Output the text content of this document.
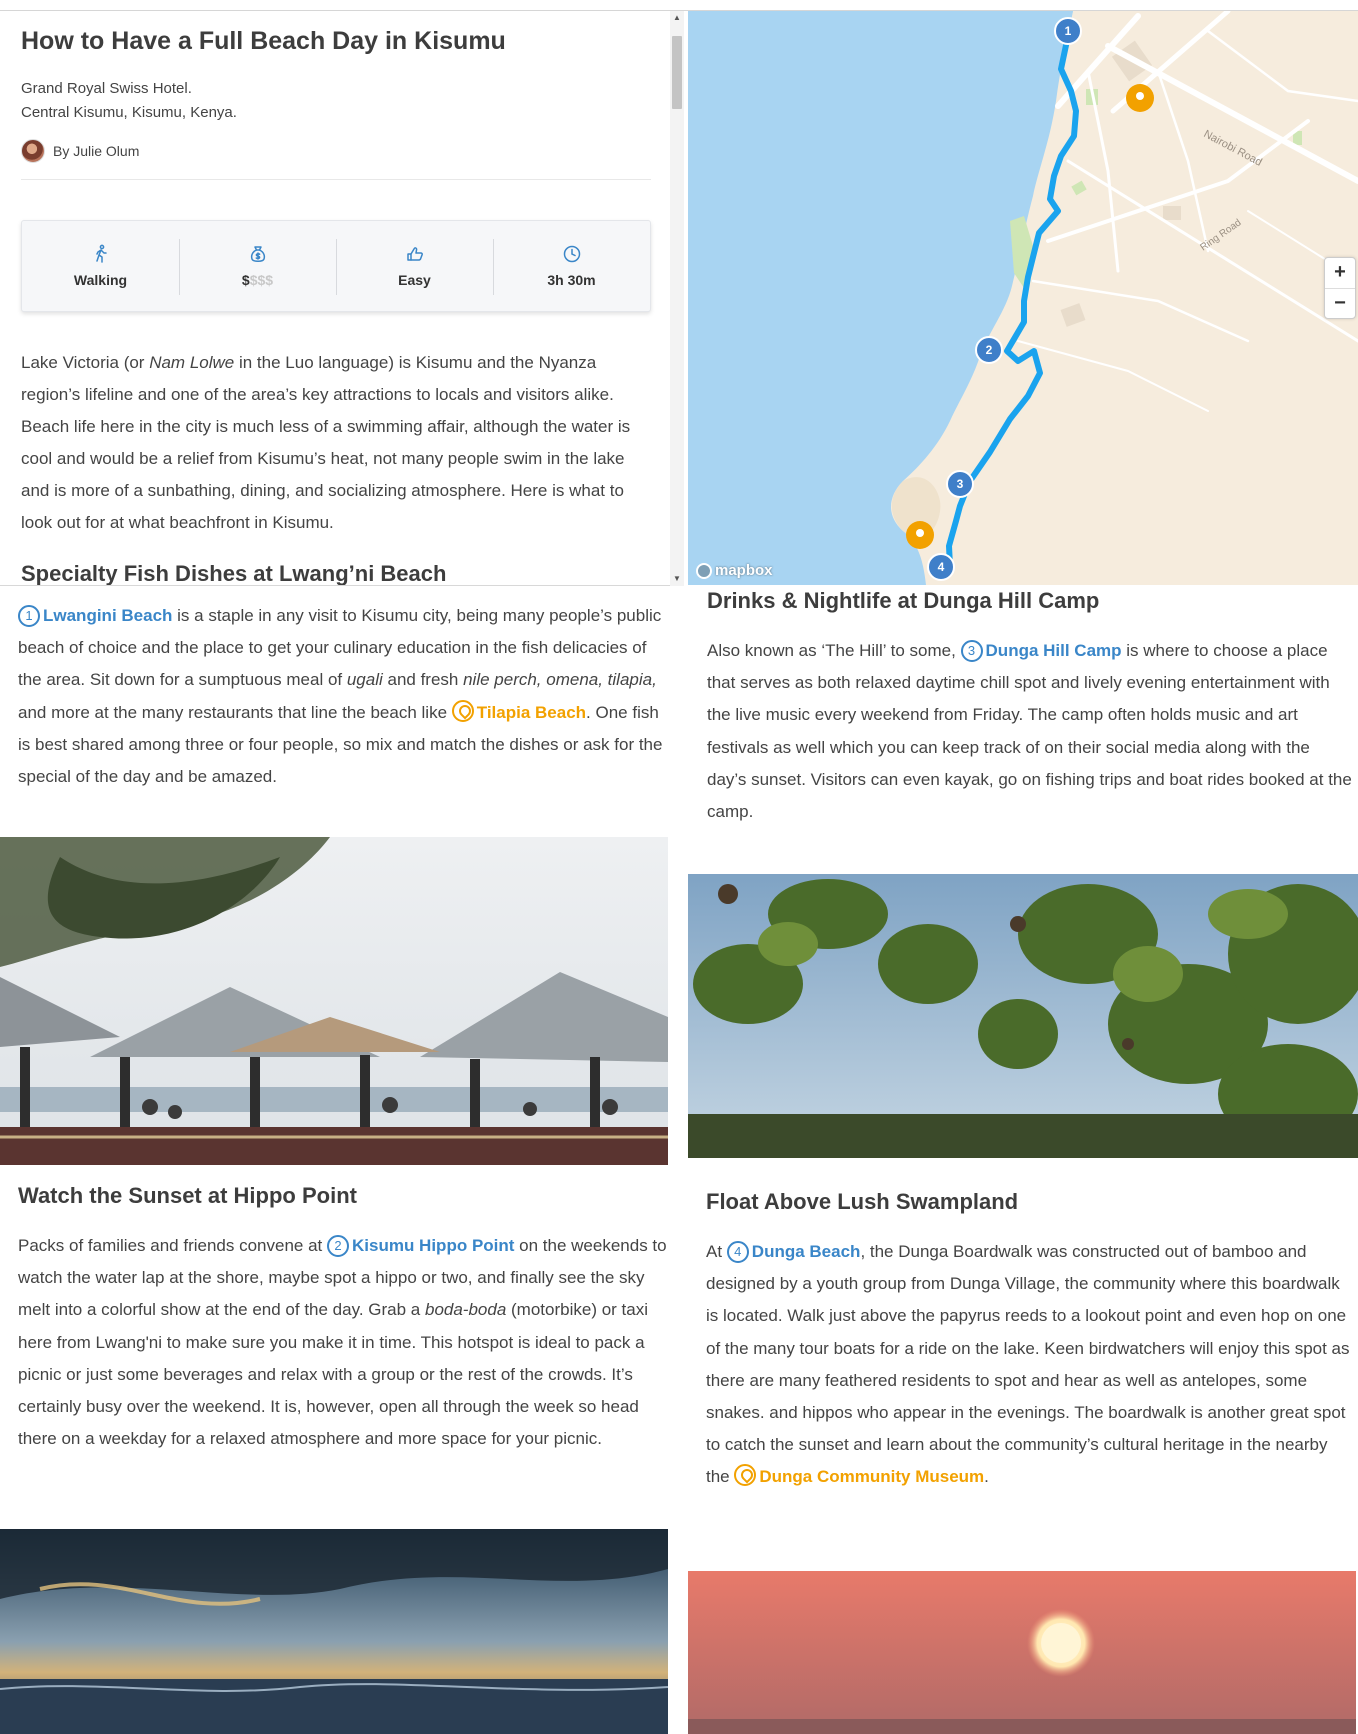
How to Have a Full Beach Day in Kisumu
Grand Royal Swiss Hotel.
Central Kisumu, Kisumu, Kenya.
By Julie Olum
Walking	$$$$	Easy	3h 30m

Lake Victoria (or Nam Lolwe in the Luo language) is Kisumu and the Nyanza region’s lifeline and one of the area’s key attractions to locals and visitors alike. Beach life here in the city is much less of a swimming affair, although the water is cool and would be a relief from Kisumu’s heat, not many people swim in the lake and is more of a sunbathing, dining, and socializing atmosphere. Here is what to look out for at what beachfront in Kisumu.

Specialty Fish Dishes at Lwang’ni Beach
▲
▼
Nairobi Road
Ring Road
1
2
3
4
+
−
mapbox

1 Lwangini Beach is a staple in any visit to Kisumu city, being many people’s public beach of choice and the place to get your culinary education in the fish delicacies of the area. Sit down for a sumptuous meal of ugali and fresh nile perch, omena, tilapia, and more at the many restaurants that line the beach like Tilapia Beach. One fish is best shared among three or four people, so mix and match the dishes or ask for the special of the day and be amazed.

Watch the Sunset at Hippo Point

Packs of families and friends convene at 2 Kisumu Hippo Point on the weekends to watch the water lap at the shore, maybe spot a hippo or two, and finally see the sky melt into a colorful show at the end of the day. Grab a boda-boda (motorbike) or taxi here from Lwang'ni to make sure you make it in time. This hotspot is ideal to pack a picnic or just some beverages and relax with a group or the rest of the crowds. It’s certainly busy over the weekend. It is, however, open all through the week so head there on a weekday for a relaxed atmosphere and more space for your picnic.

Drinks & Nightlife at Dunga Hill Camp

Also known as ‘The Hill’ to some, 3 Dunga Hill Camp is where to choose a place that serves as both relaxed daytime chill spot and lively evening entertainment with the live music every weekend from Friday. The camp often holds music and art festivals as well which you can keep track of on their social media along with the day’s sunset. Visitors can even kayak, go on fishing trips and boat rides booked at the camp.

Float Above Lush Swampland

At 4 Dunga Beach, the Dunga Boardwalk was constructed out of bamboo and designed by a youth group from Dunga Village, the community where this boardwalk is located. Walk just above the papyrus reeds to a lookout point and even hop on one of the many tour boats for a ride on the lake. Keen birdwatchers will enjoy this spot as there are many feathered residents to spot and hear as well as antelopes, some snakes. and hippos who appear in the evenings. The boardwalk is another great spot to catch the sunset and learn about the community’s cultural heritage in the nearby the Dunga Community Museum.
